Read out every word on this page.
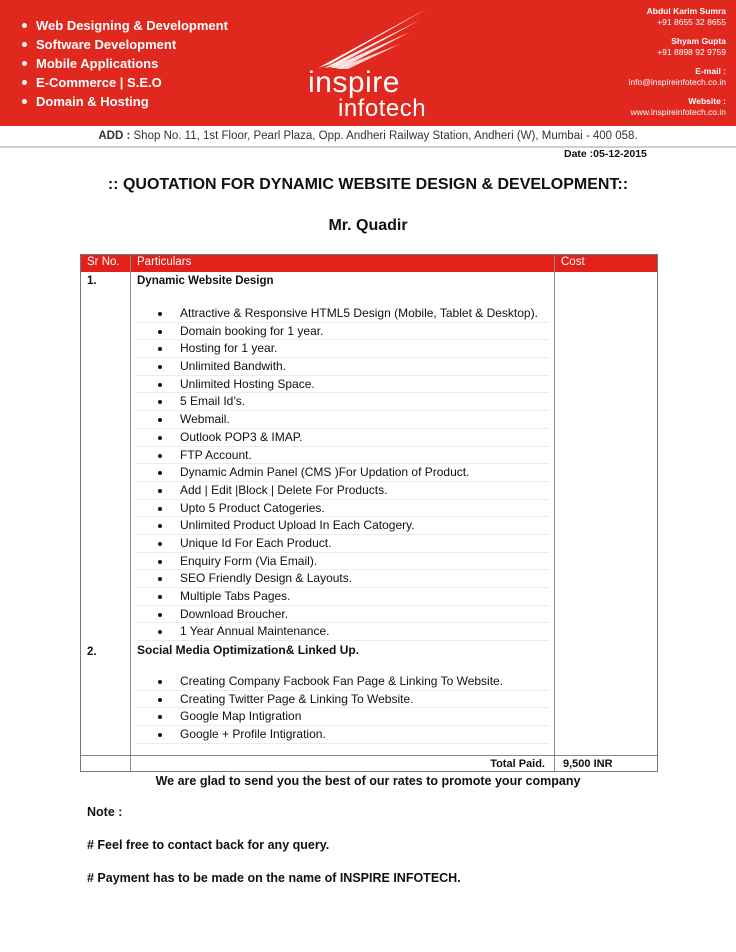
Web Designing & Development
Software Development
Mobile Applications
E-Commerce | S.E.O
Domain & Hosting
inspire
infotech
Abdul Karim Sumra
+91 8655 32 8655
Shyam Gupta
+91 8898 92 9759
E-mail :
info@inspireinfotech.co.in
Website :
www.inspireinfotech.co.in
ADD : Shop No. 11, 1st Floor, Pearl Plaza, Opp. Andheri Railway Station, Andheri (W), Mumbai - 400 058.
Date :05-12-2015
:: QUOTATION FOR DYNAMIC WEBSITE DESIGN & DEVELOPMENT::
Mr. Quadir
Sr No. Particulars	Cost
1.	Dynamic Website Design
Attractive & Responsive HTML5 Design (Mobile, Tablet & Desktop).
Domain booking for 1 year.
Hosting for 1 year.
Unlimited Bandwith.
Unlimited Hosting Space.
5 Email Id’s.
Webmail.
Outlook POP3 & IMAP.
FTP Account.
Dynamic Admin Panel (CMS )For Updation of Product.
Add | Edit |Block | Delete For Products.
Upto 5 Product Catogeries.
Unlimited Product Upload In Each Catogery.
Unique Id For Each Product.
Enquiry Form (Via Email).
SEO Friendly Design & Layouts.
Multiple Tabs Pages.
Download Broucher.
1 Year Annual Maintenance.
2.	Social Media Optimization& Linked Up.
Creating Company Facbook Fan Page & Linking To Website.
Creating Twitter Page & Linking To Website.
Google Map Intigration
Google + Profile Intigration.
Total Paid. 9,500 INR
We are glad to send you the best of our rates to promote your company
Note :
# Feel free to contact back for any query.
# Payment has to be made on the name of INSPIRE INFOTECH.
